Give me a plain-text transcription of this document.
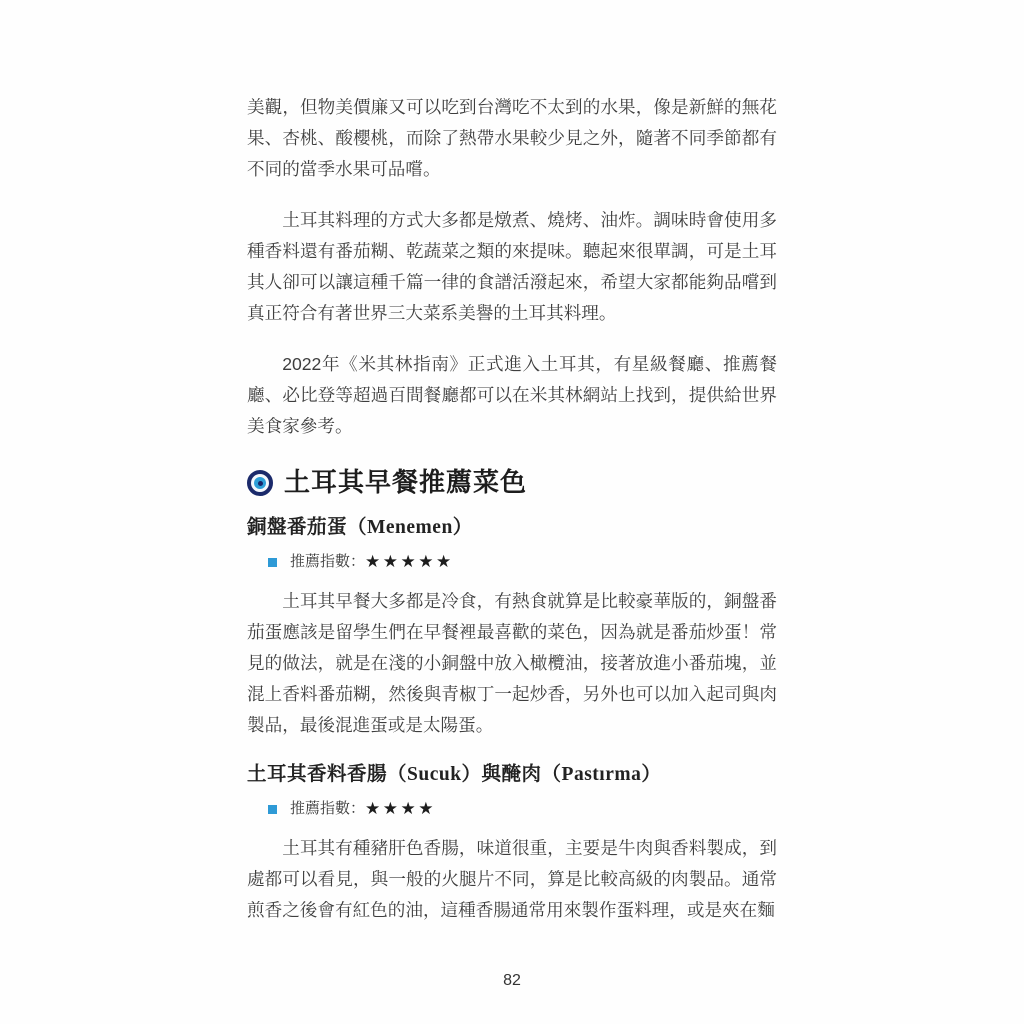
美觀，但物美價廉又可以吃到台灣吃不太到的水果，像是新鮮的無花果、杏桃、酸櫻桃，而除了熱帶水果較少見之外，隨著不同季節都有不同的當季水果可品嚐。

土耳其料理的方式大多都是燉煮、燒烤、油炸。調味時會使用多種香料還有番茄糊、乾蔬菜之類的來提味。聽起來很單調，可是土耳其人卻可以讓這種千篇一律的食譜活潑起來，希望大家都能夠品嚐到真正符合有著世界三大菜系美譽的土耳其料理。

2022年《米其林指南》正式進入土耳其，有星級餐廳、推薦餐廳、必比登等超過百間餐廳都可以在米其林網站上找到，提供給世界美食家參考。

土耳其早餐推薦菜色
銅盤番茄蛋（Menemen）
推薦指數： ★★★★★

土耳其早餐大多都是冷食，有熱食就算是比較豪華版的，銅盤番茄蛋應該是留學生們在早餐裡最喜歡的菜色，因為就是番茄炒蛋！常見的做法，就是在淺的小銅盤中放入橄欖油，接著放進小番茄塊，並混上香料番茄糊，然後與青椒丁一起炒香，另外也可以加入起司與肉製品，最後混進蛋或是太陽蛋。

土耳其香料香腸（Sucuk）與醃肉（Pastırma）
推薦指數： ★★★★

土耳其有種豬肝色香腸，味道很重，主要是牛肉與香料製成，到處都可以看見，與一般的火腿片不同，算是比較高級的肉製品。通常煎香之後會有紅色的油，這種香腸通常用來製作蛋料理，或是夾在麵

82
